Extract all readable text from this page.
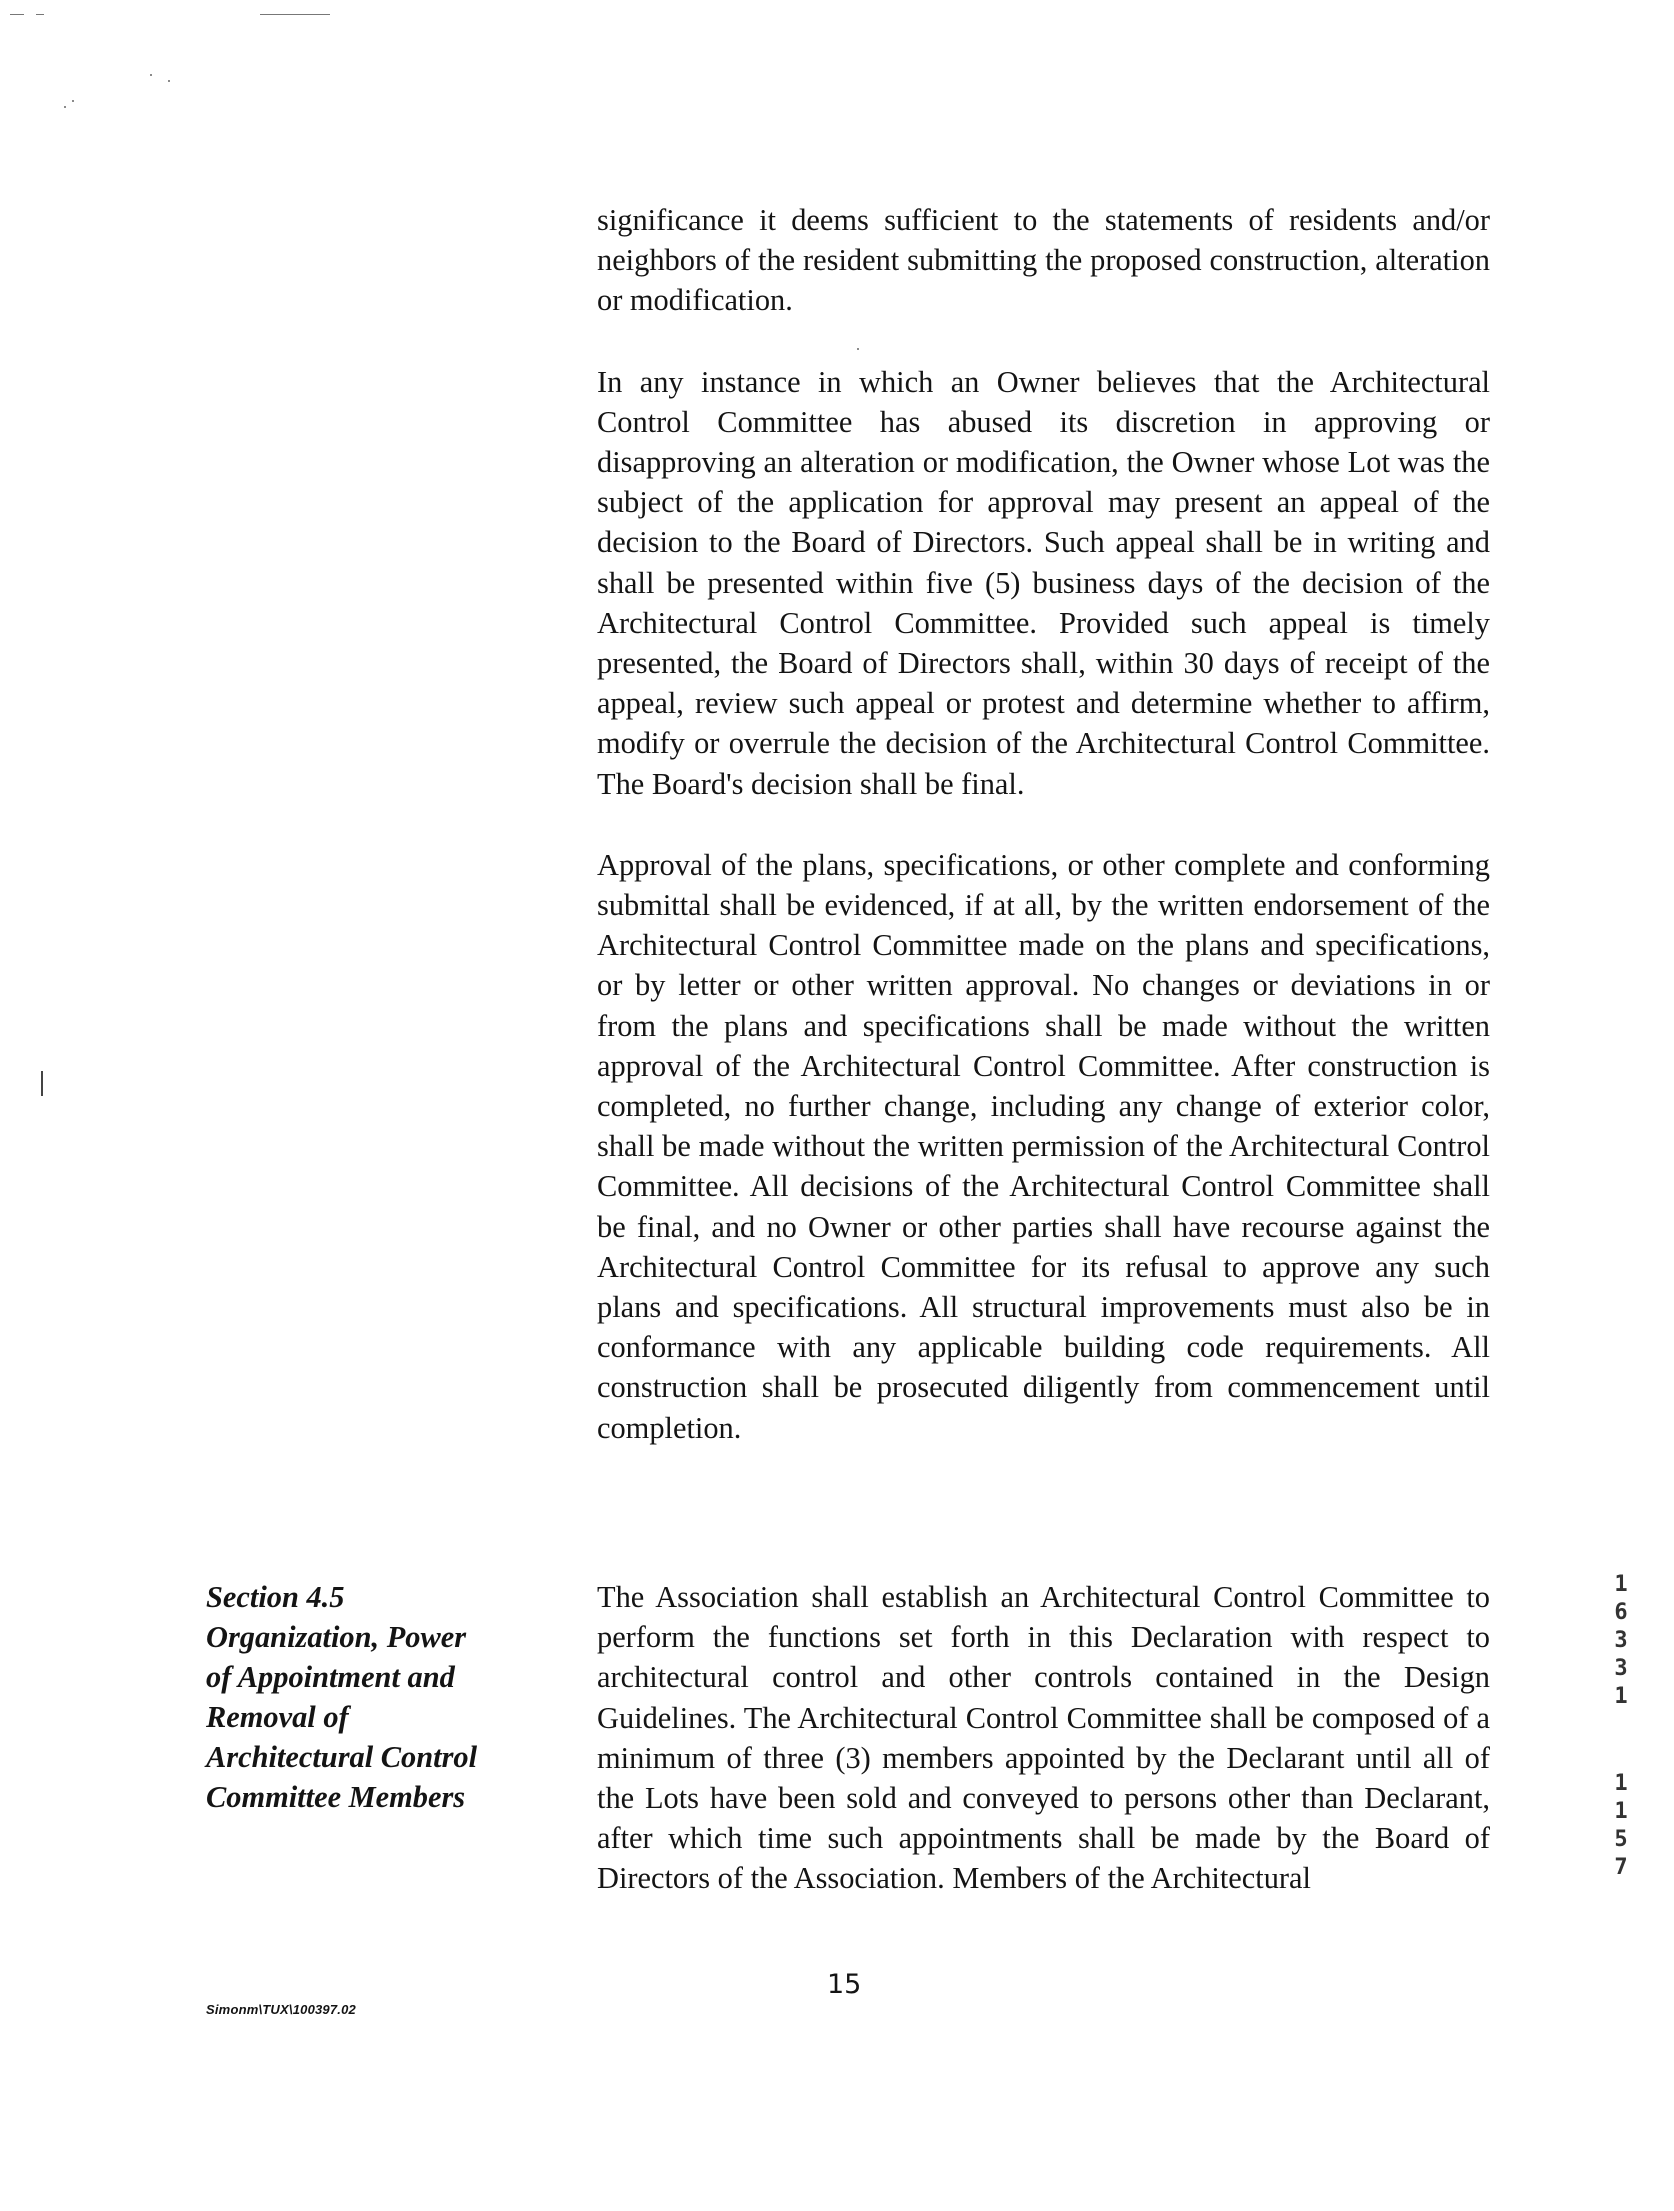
significance it deems sufficient to the statements of residents and/or neighbors of the resident submitting the proposed construction, alteration or modification.

In any instance in which an Owner believes that the Architectural Control Committee has abused its discretion in approving or disapproving an alteration or modification, the Owner whose Lot was the subject of the application for approval may present an appeal of the decision to the Board of Directors. Such appeal shall be in writing and shall be presented within five (5) business days of the decision of the Architectural Control Committee. Provided such appeal is timely presented, the Board of Directors shall, within 30 days of receipt of the appeal, review such appeal or protest and determine whether to affirm, modify or overrule the decision of the Architectural Control Committee. The Board's decision shall be final.

Approval of the plans, specifications, or other complete and conforming submittal shall be evidenced, if at all, by the written endorsement of the Architectural Control Committee made on the plans and specifications, or by letter or other written approval. No changes or deviations in or from the plans and specifications shall be made without the written approval of the Architectural Control Committee. After construction is completed, no further change, including any change of exterior color, shall be made without the written permission of the Architectural Control Committee. All decisions of the Architectural Control Committee shall be final, and no Owner or other parties shall have recourse against the Architectural Control Committee for its refusal to approve any such plans and specifications. All structural improvements must also be in conformance with any applicable building code requirements. All construction shall be prosecuted diligently from commencement until completion.

Section 4.5
Organization, Power
of Appointment and
Removal of
Architectural Control
Committee Members

The Association shall establish an Architectural Control Committee to perform the functions set forth in this Declaration with respect to architectural control and other controls contained in the Design Guidelines. The Architectural Control Committee shall be composed of a minimum of three (3) members appointed by the Declarant until all of the Lots have been sold and conveyed to persons other than Declarant, after which time such appointments shall be made by the Board of Directors of the Association. Members of the Architectural

1
6
3
3
1
1
1
5
7
Simonm\TUX\100397.02
15
